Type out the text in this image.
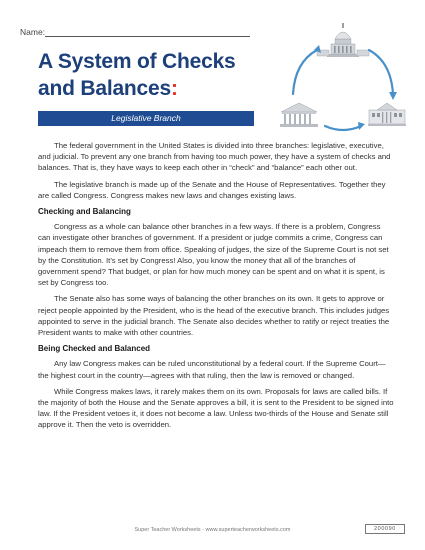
Name:
A System of Checks
and Balances:
Legislative Branch

The federal government in the United States is divided into three branches: legislative, executive, and judicial. To prevent any one branch from having too much power, they have a system of checks and balances. That is, they have ways to keep each other in “check” and “balance” each other out.

The legislative branch is made up of the Senate and the House of Representatives. Together they are called Congress. Congress makes new laws and changes existing laws.

Checking and Balancing

Congress as a whole can balance other branches in a few ways. If there is a problem, Congress can investigate other branches of government. If a president or judge commits a crime, Congress can impeach them to remove them from office. Speaking of judges, the size of the Supreme Court is not set by the Constitution. It’s set by Congress! Also, you know the money that all of the branches of government spend? That budget, or plan for how much money can be spent and on what it is spent, is set by Congress too.

The Senate also has some ways of balancing the other branches on its own. It gets to approve or reject people appointed by the President, who is the head of the executive branch. This includes judges appointed to serve in the judicial branch. The Senate also decides whether to ratify or reject treaties the President wants to make with other countries.

Being Checked and Balanced

Any law Congress makes can be ruled unconstitutional by a federal court. If the Supreme Court—the highest court in the country—agrees with that ruling, then the law is removed or changed.

While Congress makes laws, it rarely makes them on its own. Proposals for laws are called bills. If the majority of both the House and the Senate approves a bill, it is sent to the President to be signed into law. If the President vetoes it, it does not become a law. Unless two-thirds of the House and Senate still approve it. Then the veto is overridden.

Super Teacher Worksheets - www.superteacherworksheets.com	200090
